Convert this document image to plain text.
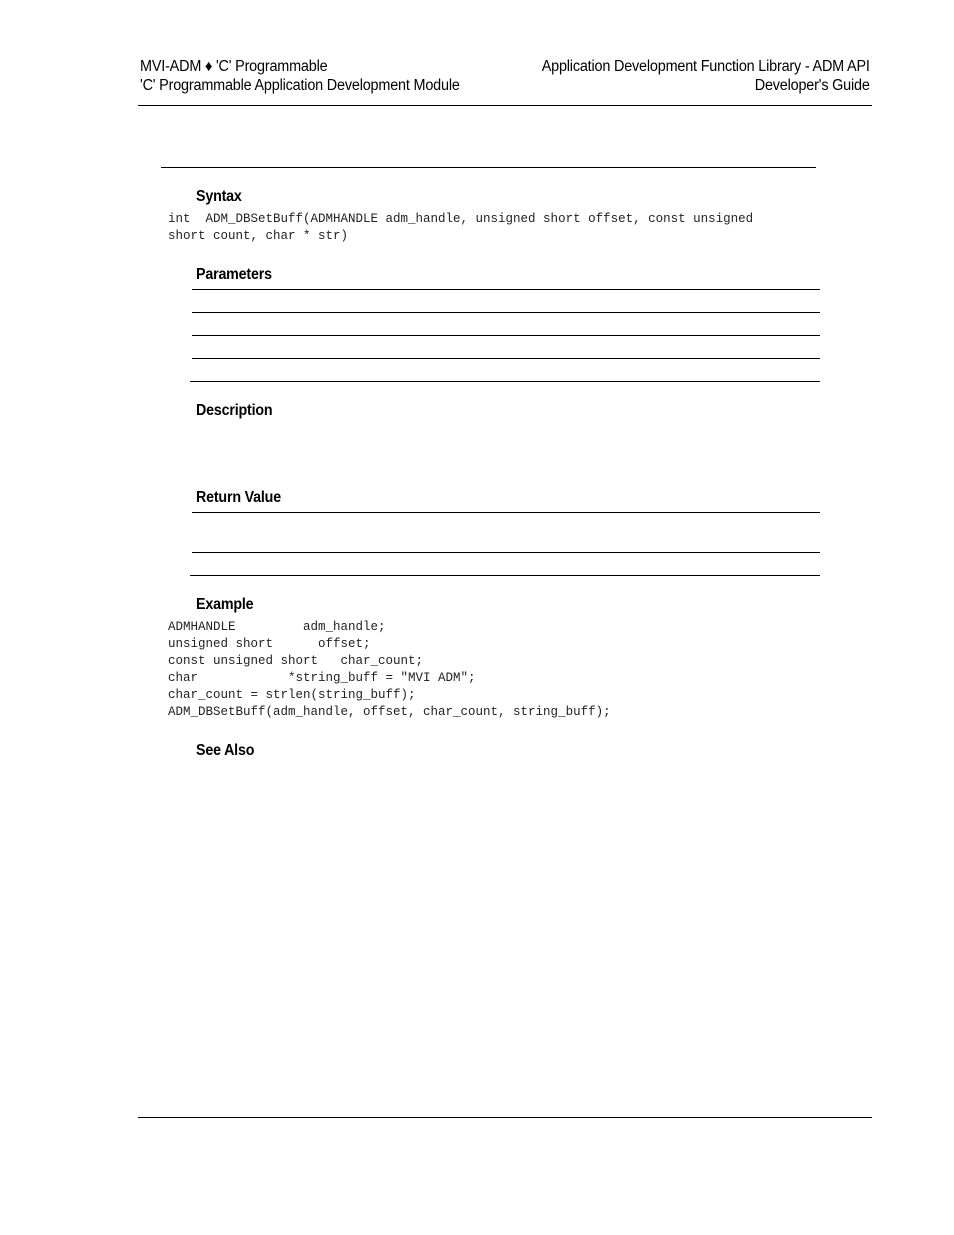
MVI-ADM ♦ 'C' Programmable
'C' Programmable Application Development Module
Application Development Function Library - ADM API
Developer's Guide
Syntax
int  ADM_DBSetBuff(ADMHANDLE adm_handle, unsigned short offset, const unsigned
short count, char * str)
Parameters
Description
Return Value
Example
ADMHANDLE         adm_handle;
unsigned short      offset;
const unsigned short   char_count;
char            *string_buff = "MVI ADM";
char_count = strlen(string_buff);
ADM_DBSetBuff(adm_handle, offset, char_count, string_buff);
See Also
